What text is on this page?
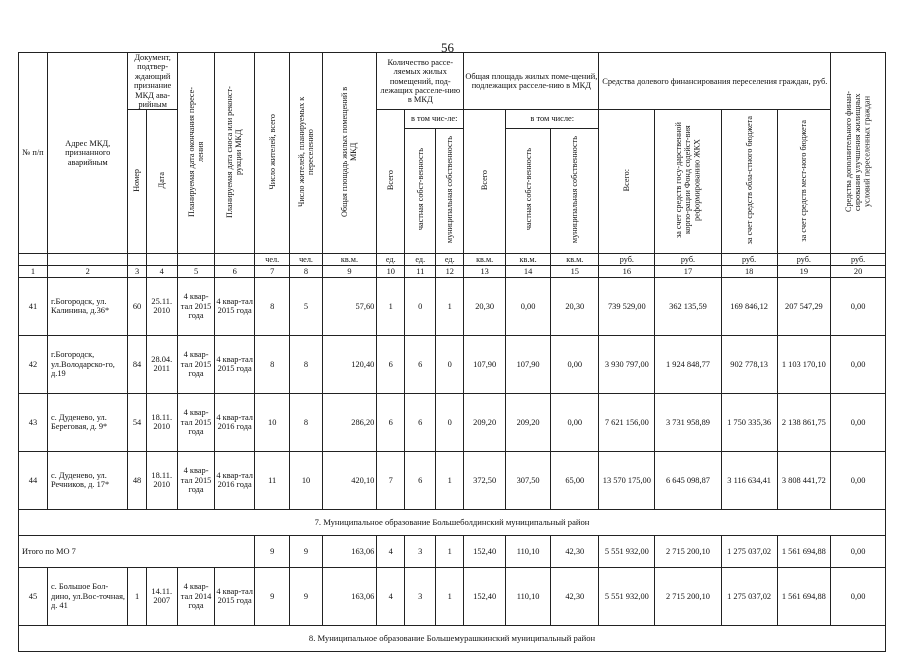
56
№ п/п	Адрес МКД, признанного аварийным	Документ, подтвер-ждающий признание МКД ава-рийным		Планируемая дата окончания пересе-ления	Планируемая дата сноса или реконст-рукции МКД	Число жителей, всего	Число жителей, планируемых к переселению	Общая площадь жилых помещений в МКД	Количество рассе-ляемых жилых помещений, под-лежащих расселе-нию в МКД			Общая площадь жилых поме-щений, подлежащих расселе-нию в МКД			Средства долевого финансирования переселения граждан, руб.				Средства дополнительного финан-сирования улучшения жилищных условий переселенных граждан
		Номер	Дата						Всего	в том чис-ле:		Всего	в том числе:		Всего:	за счет средств госу-дарственной корпо-рации Фонд содейст-вия реформированию ЖКХ	за счет средств обла-стного бюджета	за счет средств мест-ного бюджета	
										частная собст-венность	муниципальная собственность		частная собст-венность	муниципальная собственность					
						чел.	чел.	кв.м.	ед.	ед.	ед.	кв.м.	кв.м.	кв.м.	руб.	руб.	руб.	руб.	руб.
1	2	3	4	5	6	7	8	9	10	11	12	13	14	15	16	17	18	19	20
41	г.Богородск, ул. Калинина, д.36*	60	25.11. 2010	4 квар-тал 2015 года	4 квар-тал 2015 года	8	5	57,60	1	0	1	20,30	0,00	20,30	739 529,00	362 135,59	169 846,12	207 547,29	0,00
42	г.Богородск, ул.Володарско-го, д.19	84	28.04. 2011	4 квар-тал 2015 года	4 квар-тал 2015 года	8	8	120,40	6	6	0	107,90	107,90	0,00	3 930 797,00	1 924 848,77	902 778,13	1 103 170,10	0,00
43	с. Дуденево, ул. Береговая, д. 9*	54	18.11. 2010	4 квар-тал 2015 года	4 квар-тал 2016 года	10	8	286,20	6	6	0	209,20	209,20	0,00	7 621 156,00	3 731 958,89	1 750 335,36	2 138 861,75	0,00
44	с. Дуденево, ул. Речников, д. 17*	48	18.11. 2010	4 квар-тал 2015 года	4 квар-тал 2016 года	11	10	420,10	7	6	1	372,50	307,50	65,00	13 570 175,00	6 645 098,87	3 116 634,41	3 808 441,72	0,00
7. Муниципальное образование Большеболдинский муниципальный район																			
Итого по МО 7						9	9	163,06	4	3	1	152,40	110,10	42,30	5 551 932,00	2 715 200,10	1 275 037,02	1 561 694,88	0,00
45	с. Большое Бол-дино, ул.Вос-точная, д. 41	1	14.11. 2007	4 квар-тал 2014 года	4 квар-тал 2015 года	9	9	163,06	4	3	1	152,40	110,10	42,30	5 551 932,00	2 715 200,10	1 275 037,02	1 561 694,88	0,00
8. Муниципальное образование Большемурашкинский муниципальный район																			
